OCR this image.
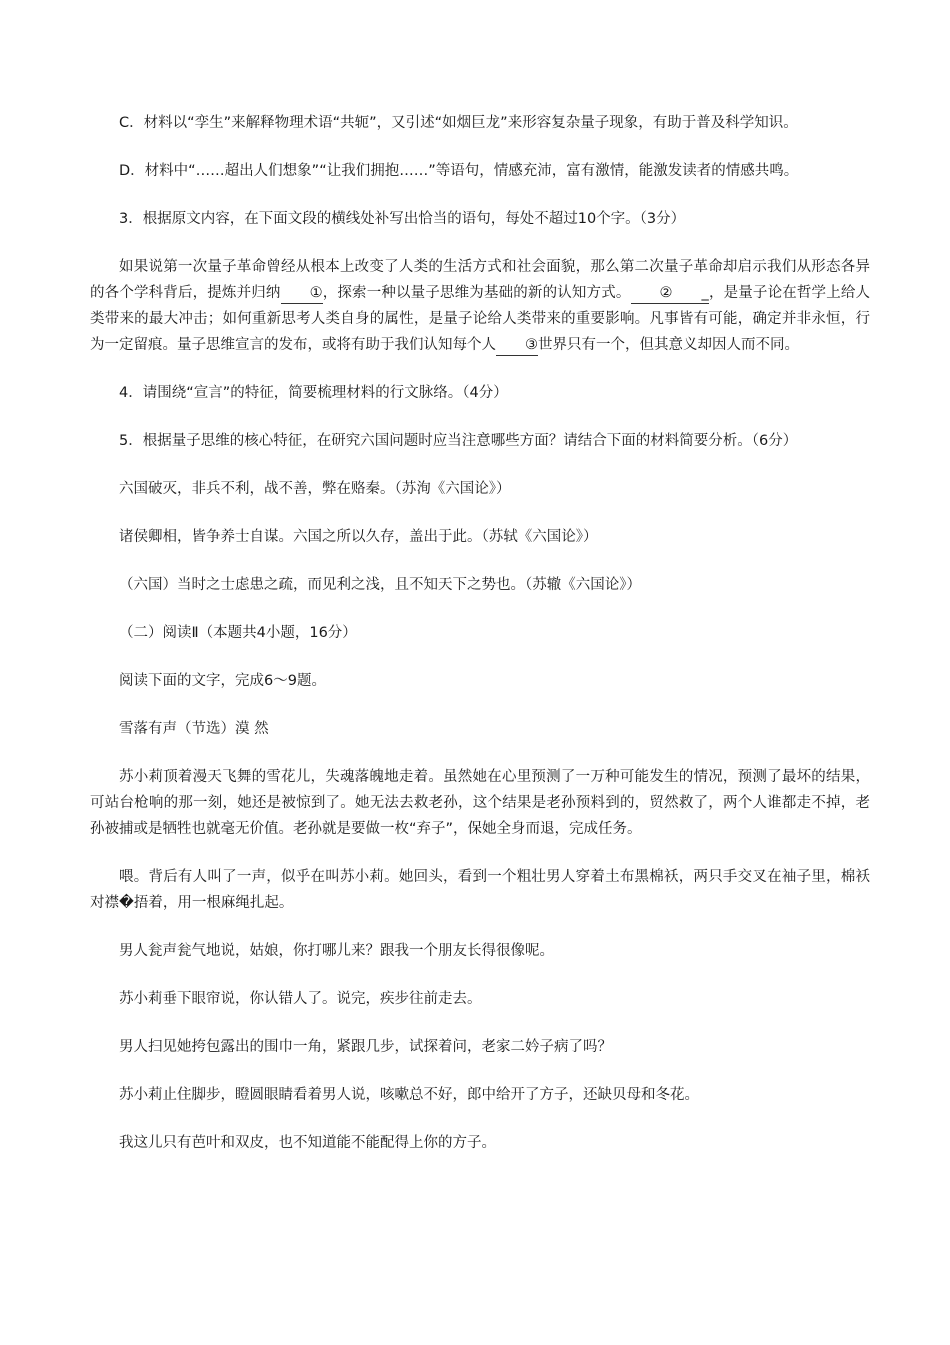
C．材料以“孪生”来解释物理术语“共轭”，又引述“如烟巨龙”来形容复杂量子现象，有助于普及科学知识。

D．材料中“……超出人们想象”“让我们拥抱……”等语句，情感充沛，富有激情，能激发读者的情感共鸣。

3．根据原文内容，在下面文段的横线处补写出恰当的语句，每处不超过10个字。（3分）

如果说第一次量子革命曾经从根本上改变了人类的生活方式和社会面貌，那么第二次量子革命却启示我们从形态各异的各个学科背后，提炼并归纳 ①，探索一种以量子思维为基础的新的认知方式。 ② _，是量子论在哲学上给人类带来的最大冲击；如何重新思考人类自身的属性，是量子论给人类带来的重要影响。凡事皆有可能，确定并非永恒，行为一定留痕。量子思维宣言的发布，或将有助于我们认知每个人 ③世界只有一个，但其意义却因人而不同。

4．请围绕“宣言”的特征，简要梳理材料的行文脉络。（4分）

5．根据量子思维的核心特征，在研究六国问题时应当注意哪些方面？请结合下面的材料简要分析。（6分）

六国破灭，非兵不利，战不善，弊在赂秦。（苏洵《六国论》）

诸侯卿相，皆争养士自谋。六国之所以久存，盖出于此。（苏轼《六国论》）

（六国）当时之士虑患之疏，而见利之浅，且不知天下之势也。（苏辙《六国论》）

（二）阅读Ⅱ（本题共4小题，16分）

阅读下面的文字，完成6～9题。

雪落有声（节选）漠 然

苏小莉顶着漫天飞舞的雪花儿，失魂落魄地走着。虽然她在心里预测了一万种可能发生的情况，预测了最坏的结果，可站台枪响的那一刻，她还是被惊到了。她无法去救老孙，这个结果是老孙预料到的，贸然救了，两个人谁都走不掉，老孙被捕或是牺牲也就毫无价值。老孙就是要做一枚“弃子”，保她全身而退，完成任务。

喂。背后有人叫了一声，似乎在叫苏小莉。她回头，看到一个粗壮男人穿着土布黑棉袄，两只手交叉在袖子里，棉袄对襟�捂着，用一根麻绳扎起。

男人瓮声瓮气地说，姑娘，你打哪儿来？跟我一个朋友长得很像呢。

苏小莉垂下眼帘说，你认错人了。说完，疾步往前走去。

男人扫见她挎包露出的围巾一角，紧跟几步，试探着问，老家二妗子病了吗？

苏小莉止住脚步，瞪圆眼睛看着男人说，咳嗽总不好，郎中给开了方子，还缺贝母和冬花。

我这儿只有芭叶和双皮，也不知道能不能配得上你的方子。
